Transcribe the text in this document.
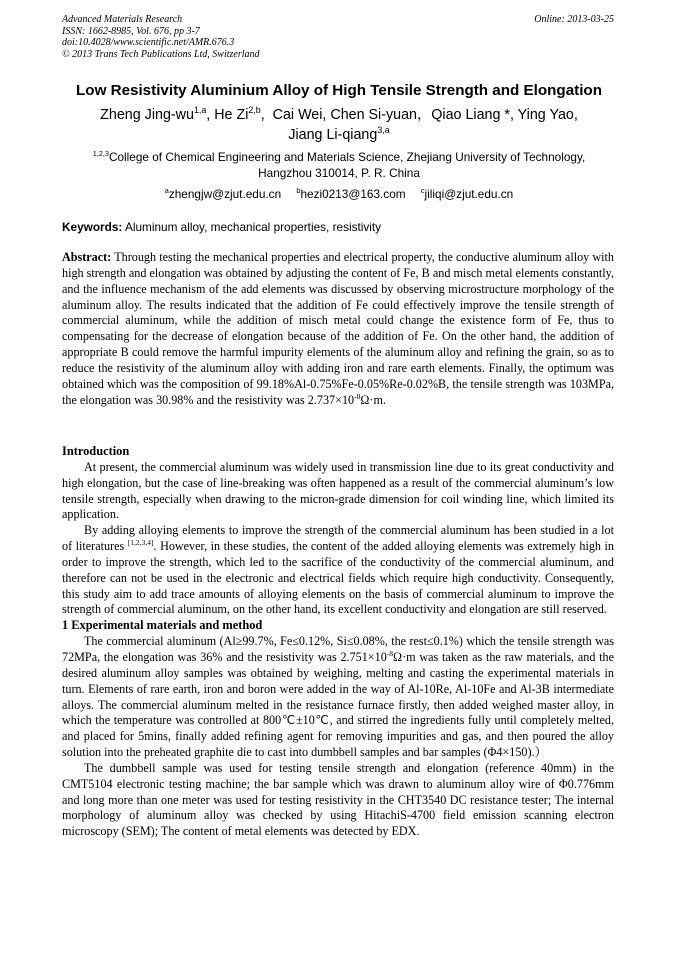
Advanced Materials Research
ISSN: 1662-8985, Vol. 676, pp 3-7
doi:10.4028/www.scientific.net/AMR.676.3
© 2013 Trans Tech Publications Ltd, Switzerland
Online: 2013-03-25
Low Resistivity Aluminium Alloy of High Tensile Strength and Elongation
Zheng Jing-wu$^{1,a}$, He Zi$^{2,b}$,  Cai Wei, Chen Si-yuan，Qiao Liang *, Ying Yao,
Jiang Li-qiang$^{3,a}$
$^{1,2,3}$College of Chemical Engineering and Materials Science, Zhejiang University of Technology,
Hangzhou 310014, P. R. China
$^a$zhengjw@zjut.edu.cn $^b$hezi0213@163.com $^c$jiliqi@zjut.edu.cn
Keywords: Aluminum alloy, mechanical properties, resistivity

Abstract: Through testing the mechanical properties and electrical property, the conductive aluminum alloy with high strength and elongation was obtained by adjusting the content of Fe, B and misch metal elements constantly, and the influence mechanism of the add elements was discussed by observing microstructure morphology of the aluminum alloy. The results indicated that the addition of Fe could effectively improve the tensile strength of commercial aluminum, while the addition of misch metal could change the existence form of Fe, thus to compensating for the decrease of elongation because of the addition of Fe. On the other hand, the addition of appropriate B could remove the harmful impurity elements of the aluminum alloy and refining the grain, so as to reduce the resistivity of the aluminum alloy with adding iron and rare earth elements. Finally, the optimum was obtained which was the composition of 99.18%Al-0.75%Fe-0.05%Re-0.02%B, the tensile strength was 103MPa, the elongation was 30.98% and the resistivity was $2.737\times 10^{-8}\Omega\cdot m$.

Introduction

At present, the commercial aluminum was widely used in transmission line due to its great conductivity and high elongation, but the case of line-breaking was often happened as a result of the commercial aluminum’s low tensile strength, especially when drawing to the micron-grade dimension for coil winding line, which limited its application.

By adding alloying elements to improve the strength of the commercial aluminum has been studied in a lot of literatures [1,2,3,4]. However, in these studies, the content of the added alloying elements was extremely high in order to improve the strength, which led to the sacrifice of the conductivity of the commercial aluminum, and therefore can not be used in the electronic and electrical fields which require high conductivity. Consequently, this study aim to add trace amounts of alloying elements on the basis of commercial aluminum to improve the strength of commercial aluminum, on the other hand, its excellent conductivity and elongation are still reserved.

1 Experimental materials and method

The commercial aluminum (Al≥99.7%, Fe≤0.12%, Si≤0.08%, the rest≤0.1%) which the tensile strength was 72MPa, the elongation was 36% and the resistivity was $2.751\times 10^{-8}\Omega\cdot m$ was taken as the raw materials, and the desired aluminum alloy samples was obtained by weighing, melting and casting the experimental materials in turn. Elements of rare earth, iron and boron were added in the way of Al-10Re, Al-10Fe and Al-3B intermediate alloys. The commercial aluminum melted in the resistance furnace firstly, then added weighed master alloy, in which the temperature was controlled at 800℃±10℃, and stirred the ingredients fully until completely melted, and placed for 5mins, finally added refining agent for removing impurities and gas, and then poured the alloy solution into the preheated graphite die to cast into dumbbell samples and bar samples (Φ4×150).）

The dumbbell sample was used for testing tensile strength and elongation (reference 40mm) in the CMT5104 electronic testing machine; the bar sample which was drawn to aluminum alloy wire of Φ0.776mm and long more than one meter was used for testing resistivity in the CHT3540 DC resistance tester; The internal morphology of aluminum alloy was checked by using HitachiS-4700 field emission scanning electron microscopy (SEM); The content of metal elements was detected by EDX.
